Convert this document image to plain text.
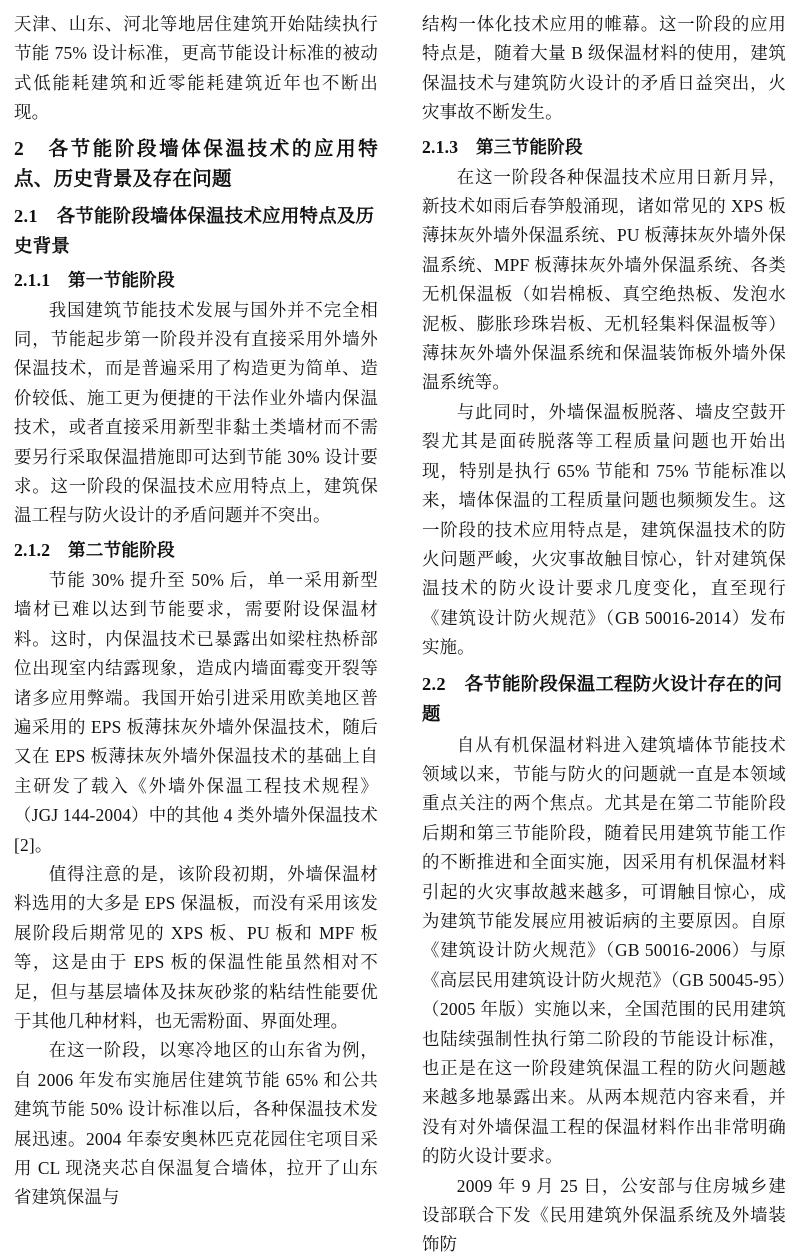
天津、山东、河北等地居住建筑开始陆续执行节能 75% 设计标准，更高节能设计标准的被动式低能耗建筑和近零能耗建筑近年也不断出现。

2　各节能阶段墙体保温技术的应用特点、历史背景及存在问题
2.1　各节能阶段墙体保温技术应用特点及历史背景
2.1.1　第一节能阶段

我国建筑节能技术发展与国外并不完全相同，节能起步第一阶段并没有直接采用外墙外保温技术，而是普遍采用了构造更为简单、造价较低、施工更为便捷的干法作业外墙内保温技术，或者直接采用新型非黏土类墙材而不需要另行采取保温措施即可达到节能 30% 设计要求。这一阶段的保温技术应用特点上，建筑保温工程与防火设计的矛盾问题并不突出。

2.1.2　第二节能阶段

节能 30% 提升至 50% 后，单一采用新型墙材已难以达到节能要求，需要附设保温材料。这时，内保温技术已暴露出如梁柱热桥部位出现室内结露现象，造成内墙面霉变开裂等诸多应用弊端。我国开始引进采用欧美地区普遍采用的 EPS 板薄抹灰外墙外保温技术，随后又在 EPS 板薄抹灰外墙外保温技术的基础上自主研发了载入《外墙外保温工程技术规程》（JGJ 144-2004）中的其他 4 类外墙外保温技术 [2]。

值得注意的是，该阶段初期，外墙保温材料选用的大多是 EPS 保温板，而没有采用该发展阶段后期常见的 XPS 板、PU 板和 MPF 板等，这是由于 EPS 板的保温性能虽然相对不足，但与基层墙体及抹灰砂浆的粘结性能要优于其他几种材料，也无需粉面、界面处理。

在这一阶段，以寒冷地区的山东省为例，自 2006 年发布实施居住建筑节能 65% 和公共建筑节能 50% 设计标准以后，各种保温技术发展迅速。2004 年泰安奥林匹克花园住宅项目采用 CL 现浇夹芯自保温复合墙体，拉开了山东省建筑保温与

结构一体化技术应用的帷幕。这一阶段的应用特点是，随着大量 B 级保温材料的使用，建筑保温技术与建筑防火设计的矛盾日益突出，火灾事故不断发生。

2.1.3　第三节能阶段

在这一阶段各种保温技术应用日新月异，新技术如雨后春笋般涌现，诸如常见的 XPS 板薄抹灰外墙外保温系统、PU 板薄抹灰外墙外保温系统、MPF 板薄抹灰外墙外保温系统、各类无机保温板（如岩棉板、真空绝热板、发泡水泥板、膨胀珍珠岩板、无机轻集料保温板等）薄抹灰外墙外保温系统和保温装饰板外墙外保温系统等。

与此同时，外墙保温板脱落、墙皮空鼓开裂尤其是面砖脱落等工程质量问题也开始出现，特别是执行 65% 节能和 75% 节能标准以来，墙体保温的工程质量问题也频频发生。这一阶段的技术应用特点是，建筑保温技术的防火问题严峻，火灾事故触目惊心，针对建筑保温技术的防火设计要求几度变化，直至现行《建筑设计防火规范》（GB 50016-2014）发布实施。

2.2　各节能阶段保温工程防火设计存在的问题

自从有机保温材料进入建筑墙体节能技术领域以来，节能与防火的问题就一直是本领域重点关注的两个焦点。尤其是在第二节能阶段后期和第三节能阶段，随着民用建筑节能工作的不断推进和全面实施，因采用有机保温材料引起的火灾事故越来越多，可谓触目惊心，成为建筑节能发展应用被诟病的主要原因。自原《建筑设计防火规范》（GB 50016-2006）与原《高层民用建筑设计防火规范》（GB 50045-95）（2005 年版）实施以来，全国范围的民用建筑也陆续强制性执行第二阶段的节能设计标准，也正是在这一阶段建筑保温工程的防火问题越来越多地暴露出来。从两本规范内容来看，并没有对外墙保温工程的保温材料作出非常明确的防火设计要求。

2009 年 9 月 25 日，公安部与住房城乡建设部联合下发《民用建筑外保温系统及外墙装饰防
